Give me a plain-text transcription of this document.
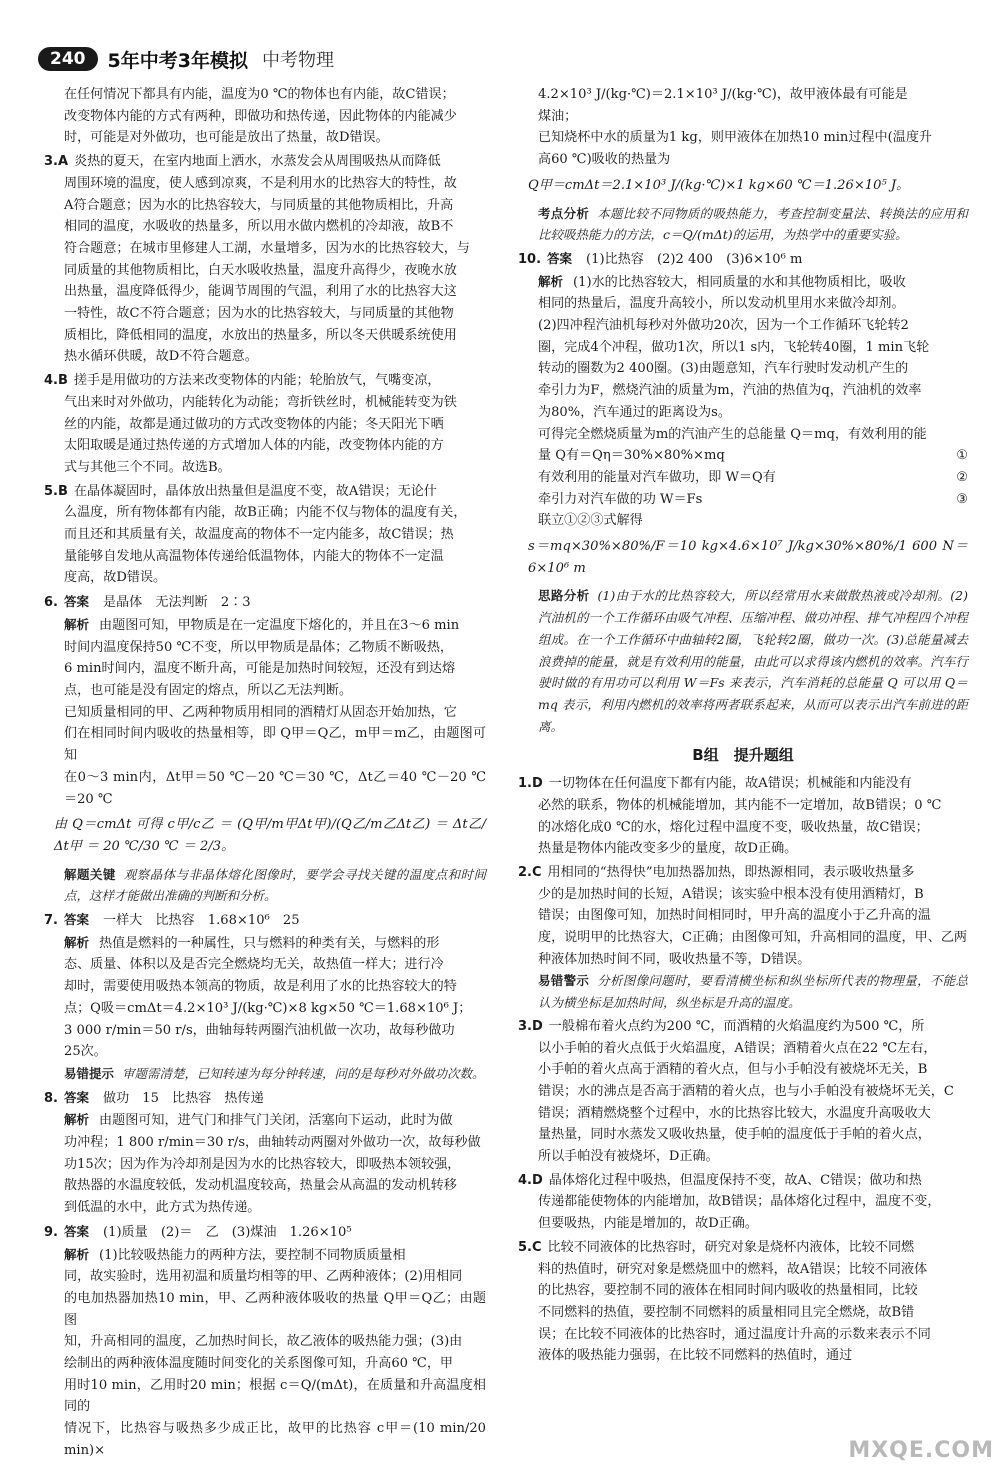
240	5年中考3年模拟 中考物理

在任何情况下都具有内能，温度为0 ℃的物体也有内能，故C错误；

改变物体内能的方式有两种，即做功和热传递，因此物体的内能减少

时，可能是对外做功，也可能是放出了热量，故D错误。

3.A 炎热的夏天，在室内地面上洒水，水蒸发会从周围吸热从而降低

周围环境的温度，使人感到凉爽，不是利用水的比热容大的特性，故

A符合题意；因为水的比热容较大，与同质量的其他物质相比，升高

相同的温度，水吸收的热量多，所以用水做内燃机的冷却液，故B不

符合题意；在城市里修建人工湖，水量增多，因为水的比热容较大，与

同质量的其他物质相比，白天水吸收热量，温度升高得少，夜晚水放

出热量，温度降低得少，能调节周围的气温，利用了水的比热容大这

一特性，故C不符合题意；因为水的比热容较大，与同质量的其他物

质相比，降低相同的温度，水放出的热量多，所以冬天供暖系统使用

热水循环供暖，故D不符合题意。

4.B 搓手是用做功的方法来改变物体的内能；轮胎放气，气嘴变凉，

气出来时对外做功，内能转化为动能；弯折铁丝时，机械能转变为铁

丝的内能，故都是通过做功的方式改变物体的内能；冬天阳光下晒

太阳取暖是通过热传递的方式增加人体的内能，改变物体内能的方

式与其他三个不同。故选B。

5.B 在晶体凝固时，晶体放出热量但是温度不变，故A错误；无论什

么温度，所有物体都有内能，故B正确；内能不仅与物体的温度有关，

而且还和其质量有关，故温度高的物体不一定内能多，故C错误；热

量能够自发地从高温物体传递给低温物体，内能大的物体不一定温

度高，故D错误。

6. 答案 是晶体　无法判断　2∶3

解析 由题图可知，甲物质是在一定温度下熔化的，并且在3～6 min

时间内温度保持50 ℃不变，所以甲物质是晶体；乙物质不断吸热，

6 min时间内，温度不断升高，可能是加热时间较短，还没有到达熔

点，也可能是没有固定的熔点，所以乙无法判断。

已知质量相同的甲、乙两种物质用相同的酒精灯从固态开始加热，它

们在相同时间内吸收的热量相等，即 Q甲＝Q乙，m甲＝m乙，由题图可知

在0～3 min内，Δt甲＝50 ℃－20 ℃＝30 ℃，Δt乙＝40 ℃－20 ℃＝20 ℃

由 Q＝cmΔt 可得 c甲/c乙 ＝ (Q甲/m甲Δt甲)/(Q乙/m乙Δt乙) ＝ Δt乙/Δt甲 ＝ 20 ℃/30 ℃ ＝ 2/3。

解题关键 观察晶体与非晶体熔化图像时，要学会寻找关键的温度点和时间点，这样才能做出准确的判断和分析。

7. 答案 一样大　比热容　1.68×10⁶　25

解析 热值是燃料的一种属性，只与燃料的种类有关，与燃料的形

态、质量、体积以及是否完全燃烧均无关，故热值一样大；进行冷

却时，需要使用吸热本领高的物质，故是利用了水的比热容较大的特

点；Q吸＝cmΔt＝4.2×10³ J/(kg·℃)×8 kg×50 ℃＝1.68×10⁶ J；

3 000 r/min＝50 r/s，曲轴每转两圈汽油机做一次功，故每秒做功

25次。

易错提示 审题需清楚，已知转速为每分钟转速，问的是每秒对外做功次数。

8. 答案 做功　15　比热容　热传递

解析 由题图可知，进气门和排气门关闭，活塞向下运动，此时为做

功冲程；1 800 r/min＝30 r/s，曲轴转动两圈对外做功一次，故每秒做

功15次；因为作为冷却剂是因为水的比热容较大，即吸热本领较强，

散热器的水温度较低，发动机温度较高，热量会从高温的发动机转移

到低温的水中，此方式为热传递。

9. 答案 (1)质量　(2)＝　乙　(3)煤油　1.26×10⁵

解析 (1)比较吸热能力的两种方法，要控制不同物质质量相

同，故实验时，选用初温和质量均相等的甲、乙两种液体；(2)用相同

的电加热器加热10 min，甲、乙两种液体吸收的热量 Q甲＝Q乙；由题图

知，升高相同的温度，乙加热时间长，故乙液体的吸热能力强；(3)由

绘制出的两种液体温度随时间变化的关系图像可知，升高60 ℃，甲

用时10 min，乙用时20 min；根据 c＝Q/(mΔt)，在质量和升高温度相同的

情况下，比热容与吸热多少成正比，故甲的比热容 c甲＝(10 min/20 min)×

4.2×10³ J/(kg·℃)＝2.1×10³ J/(kg·℃)，故甲液体最有可能是

煤油；

已知烧杯中水的质量为1 kg，则甲液体在加热10 min过程中(温度升

高60 ℃)吸收的热量为

Q甲＝cmΔt＝2.1×10³ J/(kg·℃)×1 kg×60 ℃＝1.26×10⁵ J。

考点分析 本题比较不同物质的吸热能力，考查控制变量法、转换法的应用和比较吸热能力的方法，c＝Q/(mΔt)的运用，为热学中的重要实验。

10. 答案 (1)比热容　(2)2 400　(3)6×10⁶ m

解析 (1)水的比热容较大，相同质量的水和其他物质相比，吸收

相同的热量后，温度升高较小，所以发动机里用水来做冷却剂。

(2)四冲程汽油机每秒对外做功20次，因为一个工作循环飞轮转2

圈，完成4个冲程，做功1次，所以1 s内，飞轮转40圈，1 min飞轮

转动的圈数为2 400圈。(3)由题意知，汽车行驶时发动机产生的

牵引力为F，燃烧汽油的质量为m，汽油的热值为q，汽油机的效率

为80%，汽车通过的距离设为s。

可得完全燃烧质量为m的汽油产生的总能量 Q＝mq，有效利用的能

量 Q有＝Qη＝30%×80%×mq	①

有效利用的能量对汽车做功，即 W＝Q有	②

牵引力对汽车做的功 W＝Fs	③

联立①②③式解得

s＝mq×30%×80%/F＝10 kg×4.6×10⁷ J/kg×30%×80%/1 600 N＝6×10⁶ m

思路分析 (1)由于水的比热容较大，所以经常用水来做散热液或冷却剂。(2)汽油机的一个工作循环由吸气冲程、压缩冲程、做功冲程、排气冲程四个冲程组成。在一个工作循环中曲轴转2圈，飞轮转2圈，做功一次。(3)总能量减去浪费掉的能量，就是有效利用的能量，由此可以求得该内燃机的效率。汽车行驶时做的有用功可以利用 W＝Fs 来表示，汽车消耗的总能量 Q 可以用 Q＝mq 表示，利用内燃机的效率将两者联系起来，从而可以表示出汽车前进的距离。

B组　提升题组

1.D 一切物体在任何温度下都有内能，故A错误；机械能和内能没有

必然的联系，物体的机械能增加，其内能不一定增加，故B错误；0 ℃

的冰熔化成0 ℃的水，熔化过程中温度不变，吸收热量，故C错误；

热量是物体内能改变多少的量度，故D正确。

2.C 用相同的“热得快”电加热器加热，即热源相同，表示吸收热量多

少的是加热时间的长短，A错误；该实验中根本没有使用酒精灯，B

错误；由图像可知，加热时间相同时，甲升高的温度小于乙升高的温

度，说明甲的比热容大，C正确；由图像可知，升高相同的温度，甲、乙两

种液体加热时间不同，吸收热量不等，D错误。

易错警示 分析图像问题时，要看清横坐标和纵坐标所代表的物理量，不能总认为横坐标是加热时间，纵坐标是升高的温度。

3.D 一般棉布着火点约为200 ℃，而酒精的火焰温度约为500 ℃，所

以小手帕的着火点低于火焰温度，A错误；酒精着火点在22 ℃左右，

小手帕的着火点高于酒精的着火点，但与小手帕没有被烧坏无关，B

错误；水的沸点是否高于酒精的着火点，也与小手帕没有被烧坏无关，C

错误；酒精燃烧整个过程中，水的比热容比较大，水温度升高吸收大

量热量，同时水蒸发又吸收热量，使手帕的温度低于手帕的着火点，

所以手帕没有被烧坏，D正确。

4.D 晶体熔化过程中吸热，但温度保持不变，故A、C错误；做功和热

传递都能使物体的内能增加，故B错误；晶体熔化过程中，温度不变，

但要吸热，内能是增加的，故D正确。

5.C 比较不同液体的比热容时，研究对象是烧杯内液体，比较不同燃

料的热值时，研究对象是燃烧皿中的燃料，故A错误；比较不同液体

的比热容，要控制不同的液体在相同时间内吸收的热量相同，比较

不同燃料的热值，要控制不同燃料的质量相同且完全燃烧，故B错

误；在比较不同液体的比热容时，通过温度计升高的示数来表示不同

液体的吸热能力强弱，在比较不同燃料的热值时，通过

MXQE.COM
